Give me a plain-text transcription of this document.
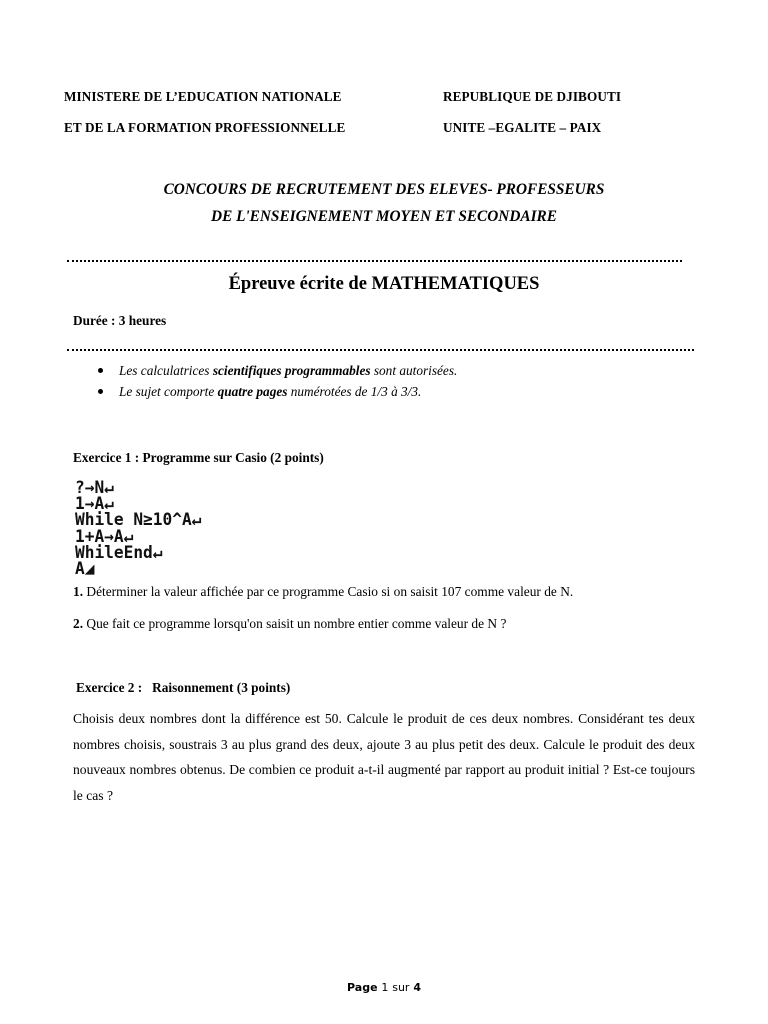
MINISTERE DE L’EDUCATION NATIONALE
ET DE LA FORMATION PROFESSIONNELLE
REPUBLIQUE DE DJIBOUTI
UNITE –EGALITE – PAIX
CONCOURS DE RECRUTEMENT DES ELEVES- PROFESSEURS
DE L'ENSEIGNEMENT MOYEN ET SECONDAIRE
Épreuve écrite de MATHEMATIQUES
Durée : 3 heures
Les calculatrices scientifiques programmables sont autorisées.
Le sujet comporte quatre pages numérotées de 1/3 à 3/3.
Exercice 1 : Programme sur Casio (2 points)
?→N↵
1→A↵
While N≥10^A↵
1+A→A↵
WhileEnd↵
A◢
1. Déterminer la valeur affichée par ce programme Casio si on saisit 107 comme valeur de N.
2. Que fait ce programme lorsqu'on saisit un nombre entier comme valeur de N ?
Exercice 2 :   Raisonnement (3 points)
Choisis deux nombres dont la différence est 50. Calcule le produit de ces deux nombres. Considérant tes deux nombres choisis, soustrais 3 au plus grand des deux, ajoute 3 au plus petit des deux. Calcule le produit des deux nouveaux nombres obtenus. De combien ce produit a-t-il augmenté par rapport au produit initial ? Est-ce toujours le cas ?
Page 1 sur 4
